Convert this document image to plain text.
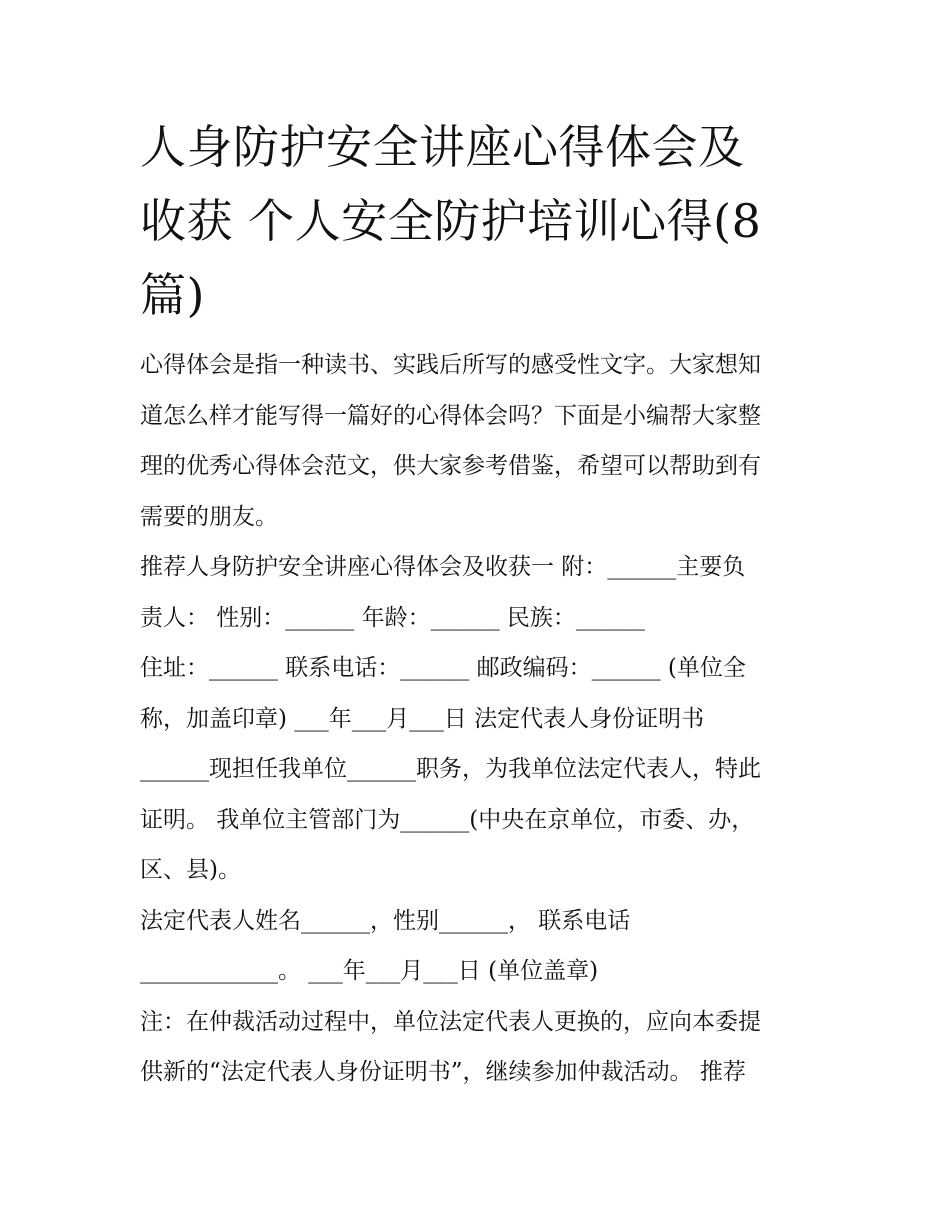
人身防护安全讲座心得体会及
收获 个人安全防护培训心得(8
篇)
心得体会是指一种读书、实践后所写的感受性文字。大家想知
道怎么样才能写得一篇好的心得体会吗？下面是小编帮大家整
理的优秀心得体会范文，供大家参考借鉴，希望可以帮助到有
需要的朋友。
推荐人身防护安全讲座心得体会及收获一 附：______主要负
责人： 性别：______ 年龄：______ 民族：______
住址：______ 联系电话：______ 邮政编码：______ (单位全
称，加盖印章) ___年___月___日 法定代表人身份证明书
______现担任我单位______职务，为我单位法定代表人，特此
证明。 我单位主管部门为______(中央在京单位，市委、办，
区、县)。
法定代表人姓名______，性别______， 联系电话
____________。 ___年___月___日 (单位盖章)
注：在仲裁活动过程中，单位法定代表人更换的，应向本委提
供新的“法定代表人身份证明书”，继续参加仲裁活动。 推荐
